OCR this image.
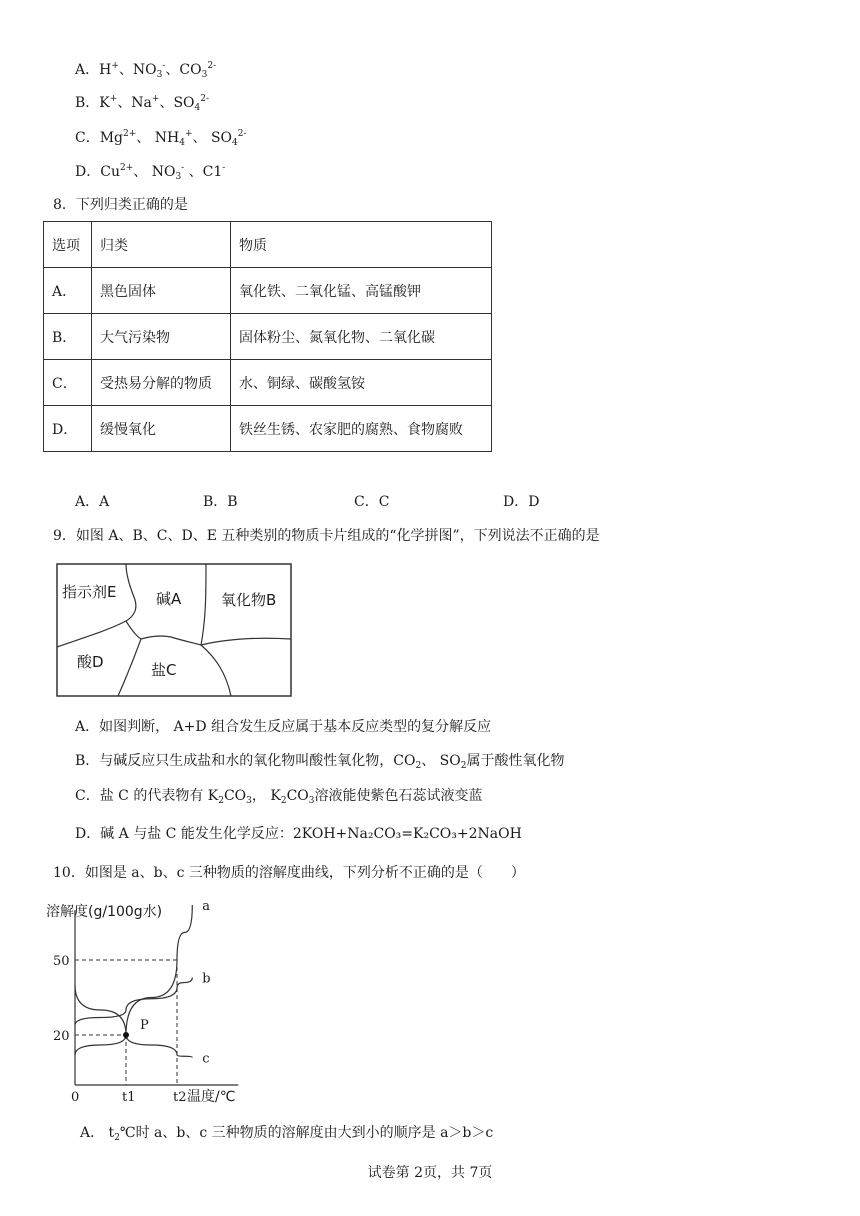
A．H+、$NO_3^-$、$CO_3^{2-}$
B．K+、Na+、$SO_4^{2-}$
C．$Mg^{2+}$、 $NH_4^+$、 $SO_4^{2-}$
D．$Cu^{2+}$、 $NO_3^-$ 、C1-
8．下列归类正确的是
选项	归类	物质
A．	黑色固体	氧化铁、二氧化锰、高锰酸钾
B．	大气污染物	固体粉尘、氮氧化物、二氧化碳
C．	受热易分解的物质	水、铜绿、碳酸氢铵
D．	缓慢氧化	铁丝生锈、农家肥的腐熟、食物腐败
A．A	B．B	C．C	D．D
9．如图 A、B、C、D、E 五种类别的物质卡片组成的“化学拼图”，下列说法不正确的是
指示剂E	碱A	氧化物B
酸D	盐C
A．如图判断， A+D 组合发生反应属于基本反应类型的复分解反应
B．与碱反应只生成盐和水的氧化物叫酸性氧化物，$CO_2$、 $SO_2$属于酸性氧化物
C．盐 C 的代表物有 $K_2CO_3$， $K_2CO_3$溶液能使紫色石蕊试液变蓝
D．碱 A 与盐 C 能发生化学反应：2KOH+Na₂CO₃=K₂CO₃+2NaOH
10．如图是 a、b、c 三种物质的溶解度曲线，下列分析不正确的是（　　）
a
b
c
P
20
50
0	t1	t2
溶解度(g/100g水)
温度/℃
A． $t_2℃$时 a、b、c 三种物质的溶解度由大到小的顺序是 a＞b＞c
试卷第 2页，共 7页
